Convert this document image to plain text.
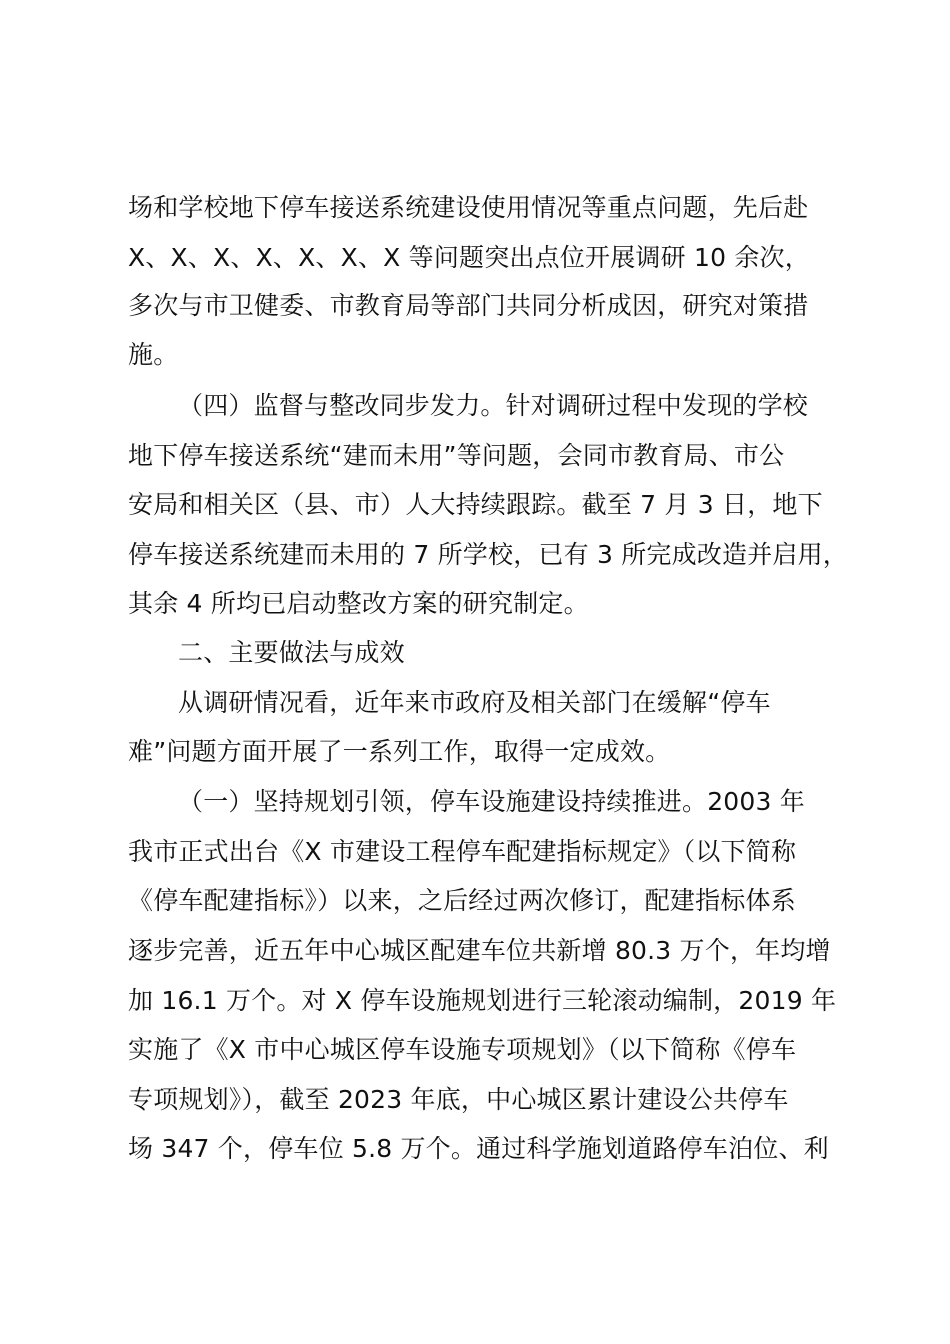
场和学校地下停车接送系统建设使用情况等重点问题，先后赴
X、X、X、X、X、X、X 等问题突出点位开展调研 10 余次，
多次与市卫健委、市教育局等部门共同分析成因，研究对策措
施。
（四）监督与整改同步发力。针对调研过程中发现的学校
地下停车接送系统“建而未用”等问题，会同市教育局、市公
安局和相关区（县、市）人大持续跟踪。截至 7 月 3 日，地下
停车接送系统建而未用的 7 所学校，已有 3 所完成改造并启用，
其余 4 所均已启动整改方案的研究制定。
二、主要做法与成效
从调研情况看，近年来市政府及相关部门在缓解“停车
难”问题方面开展了一系列工作，取得一定成效。
（一）坚持规划引领，停车设施建设持续推进。2003 年
我市正式出台《X 市建设工程停车配建指标规定》（以下简称
《停车配建指标》）以来，之后经过两次修订，配建指标体系
逐步完善，近五年中心城区配建车位共新增 80.3 万个，年均增
加 16.1 万个。对 X 停车设施规划进行三轮滚动编制，2019 年
实施了《X 市中心城区停车设施专项规划》（以下简称《停车
专项规划》），截至 2023 年底，中心城区累计建设公共停车
场 347 个，停车位 5.8 万个。通过科学施划道路停车泊位、利
